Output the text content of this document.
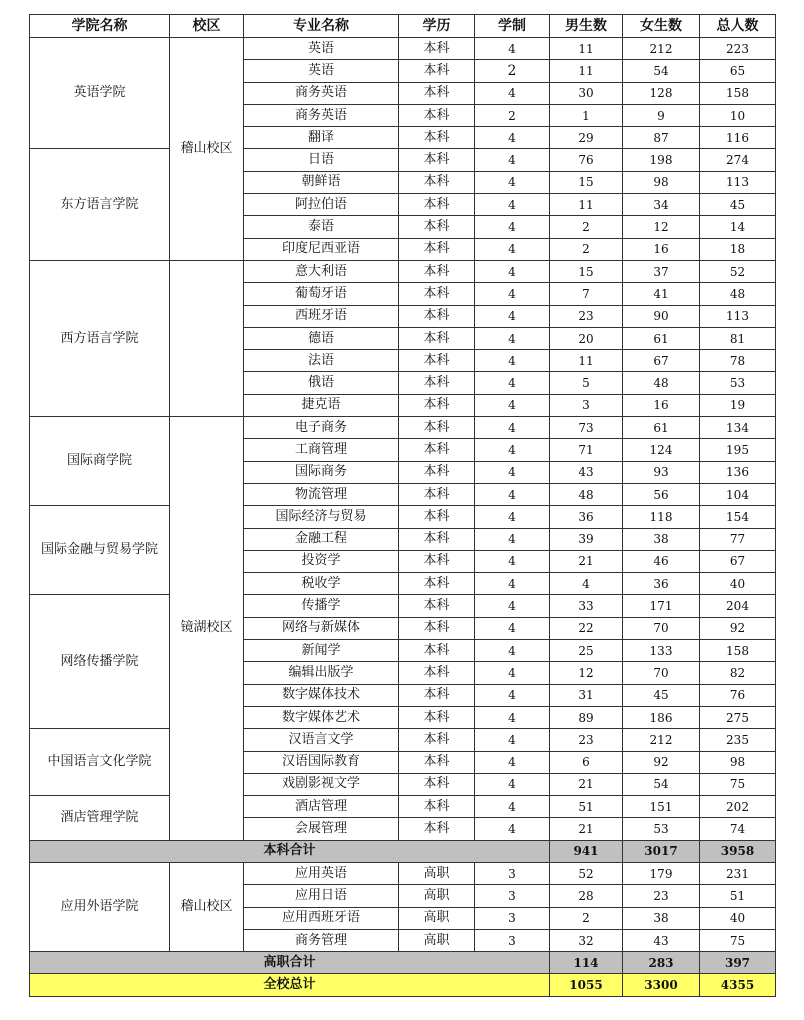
学院名称	校区	专业名称	学历	学制	男生数	女生数	总人数
英语学院	稽山校区	英语	本科	4	11	212	223
		英语	本科	2	11	54	65
		商务英语	本科	4	30	128	158
		商务英语	本科	2	1	9	10
		翻译	本科	4	29	87	116
东方语言学院		日语	本科	4	76	198	274
		朝鲜语	本科	4	15	98	113
		阿拉伯语	本科	4	11	34	45
		泰语	本科	4	2	12	14
		印度尼西亚语	本科	4	2	16	18
西方语言学院		意大利语	本科	4	15	37	52
		葡萄牙语	本科	4	7	41	48
		西班牙语	本科	4	23	90	113
		德语	本科	4	20	61	81
		法语	本科	4	11	67	78
		俄语	本科	4	5	48	53
		捷克语	本科	4	3	16	19
国际商学院	镜湖校区	电子商务	本科	4	73	61	134
		工商管理	本科	4	71	124	195
		国际商务	本科	4	43	93	136
		物流管理	本科	4	48	56	104
国际金融与贸易学院		国际经济与贸易	本科	4	36	118	154
		金融工程	本科	4	39	38	77
		投资学	本科	4	21	46	67
		税收学	本科	4	4	36	40
网络传播学院		传播学	本科	4	33	171	204
		网络与新媒体	本科	4	22	70	92
		新闻学	本科	4	25	133	158
		编辑出版学	本科	4	12	70	82
		数字媒体技术	本科	4	31	45	76
		数字媒体艺术	本科	4	89	186	275
中国语言文化学院		汉语言文学	本科	4	23	212	235
		汉语国际教育	本科	4	6	92	98
		戏剧影视文学	本科	4	21	54	75
酒店管理学院		酒店管理	本科	4	51	151	202
		会展管理	本科	4	21	53	74
本科合计					941	3017	3958
应用外语学院	稽山校区	应用英语	高职	3	52	179	231
		应用日语	高职	3	28	23	51
		应用西班牙语	高职	3	2	38	40
		商务管理	高职	3	32	43	75
高职合计					114	283	397
全校总计					1055	3300	4355
